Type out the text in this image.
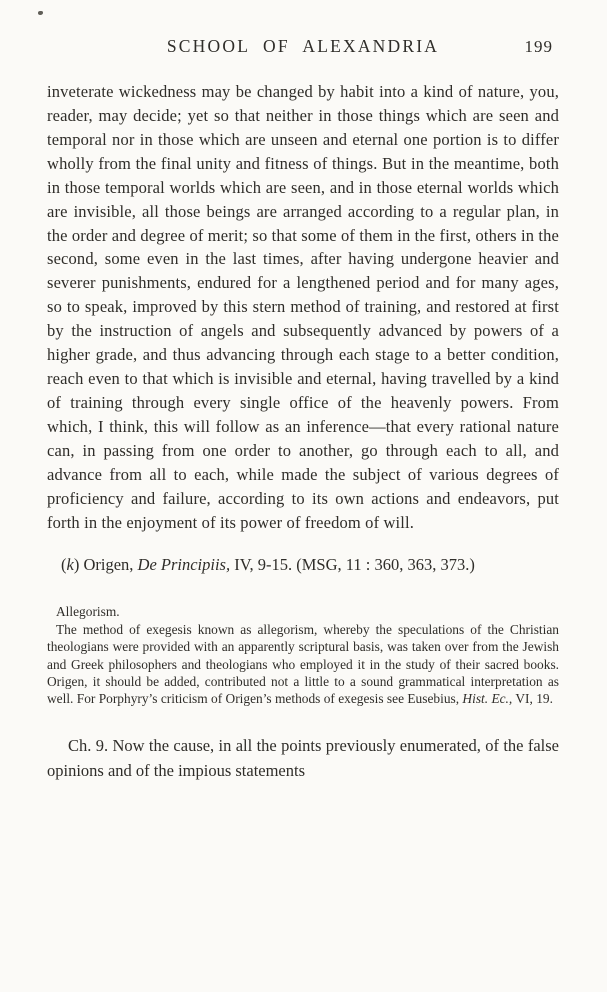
SCHOOL OF ALEXANDRIA	199

inveterate wickedness may be changed by habit into a kind of nature, you, reader, may decide; yet so that neither in those things which are seen and temporal nor in those which are unseen and eternal one portion is to differ wholly from the final unity and fitness of things. But in the meantime, both in those temporal worlds which are seen, and in those eternal worlds which are invisible, all those beings are arranged according to a regular plan, in the order and degree of merit; so that some of them in the first, others in the second, some even in the last times, after having undergone heavier and severer punishments, endured for a lengthened period and for many ages, so to speak, improved by this stern method of training, and restored at first by the instruction of angels and subsequently advanced by powers of a higher grade, and thus advancing through each stage to a better condition, reach even to that which is invisible and eternal, having travelled by a kind of training through every single office of the heavenly powers. From which, I think, this will follow as an inference—that every rational nature can, in passing from one order to another, go through each to all, and advance from all to each, while made the subject of various degrees of proficiency and failure, according to its own actions and endeavors, put forth in the enjoyment of its power of freedom of will.

(k) Origen, De Principiis, IV, 9-15. (MSG, 11 : 360, 363, 373.)

Allegorism.

The method of exegesis known as allegorism, whereby the speculations of the Christian theologians were provided with an apparently scriptural basis, was taken over from the Jewish and Greek philosophers and theologians who employed it in the study of their sacred books. Origen, it should be added, contributed not a little to a sound grammatical interpretation as well. For Porphyry’s criticism of Origen’s methods of exegesis see Eusebius, Hist. Ec., VI, 19.

Ch. 9. Now the cause, in all the points previously enumerated, of the false opinions and of the impious statements
